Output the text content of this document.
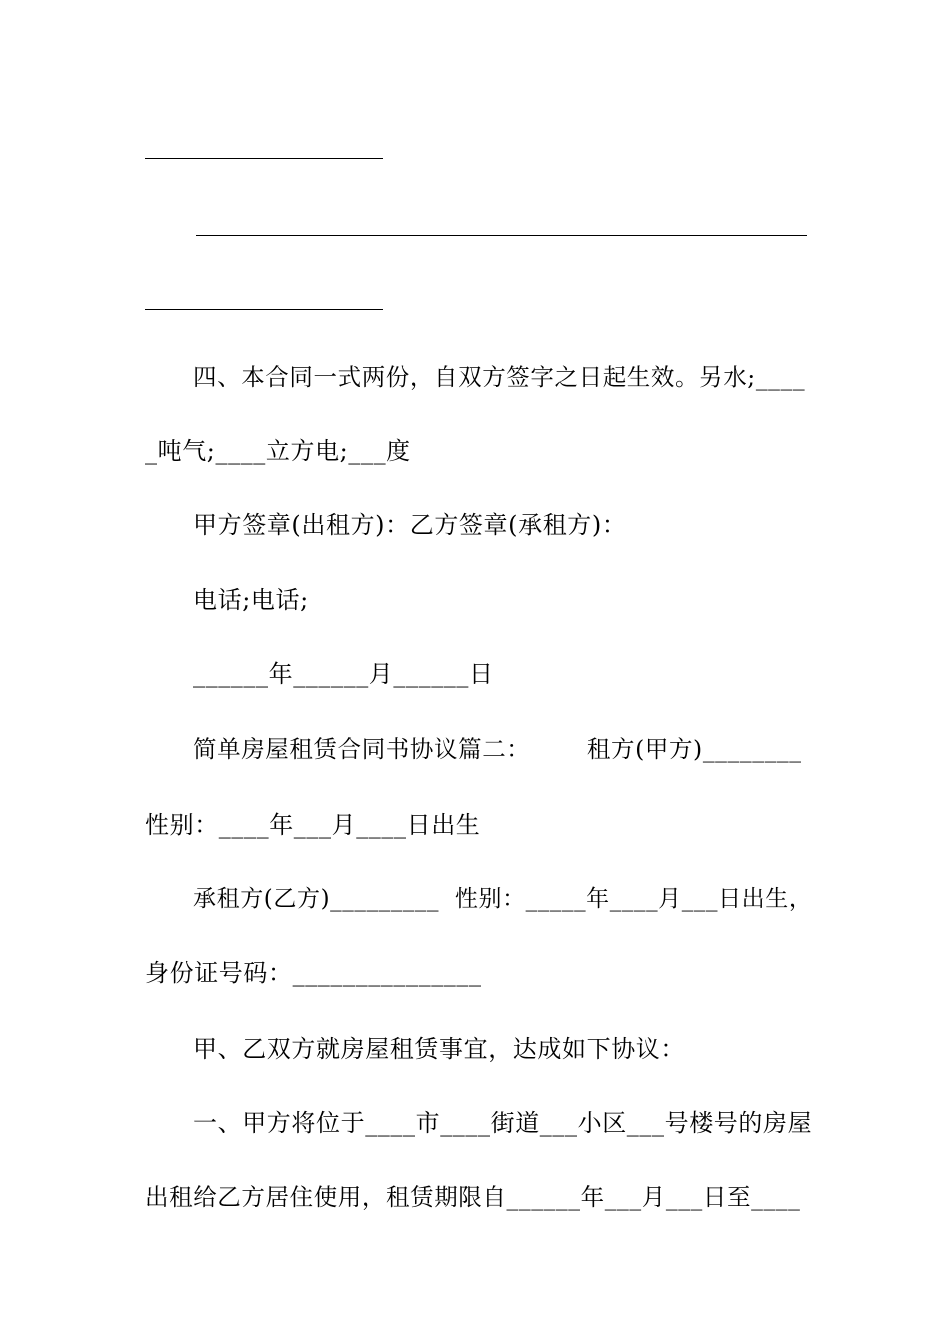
四、本合同一式两份，自双方签字之日起生效。另水;____
_吨气;____立方电;___度
甲方签章(出租方)：乙方签章(承租方)：
电话;电话;
______年______月______日
简单房屋租赁合同书协议篇二：       租方(甲方)________
性别：____年___月____日出生
承租方(乙方)_________  性别：_____年____月___日出生，
身份证号码：_______________
甲、乙双方就房屋租赁事宜，达成如下协议：
一、甲方将位于____市____街道___小区___号楼号的房屋
出租给乙方居住使用，租赁期限自______年___月___日至____
